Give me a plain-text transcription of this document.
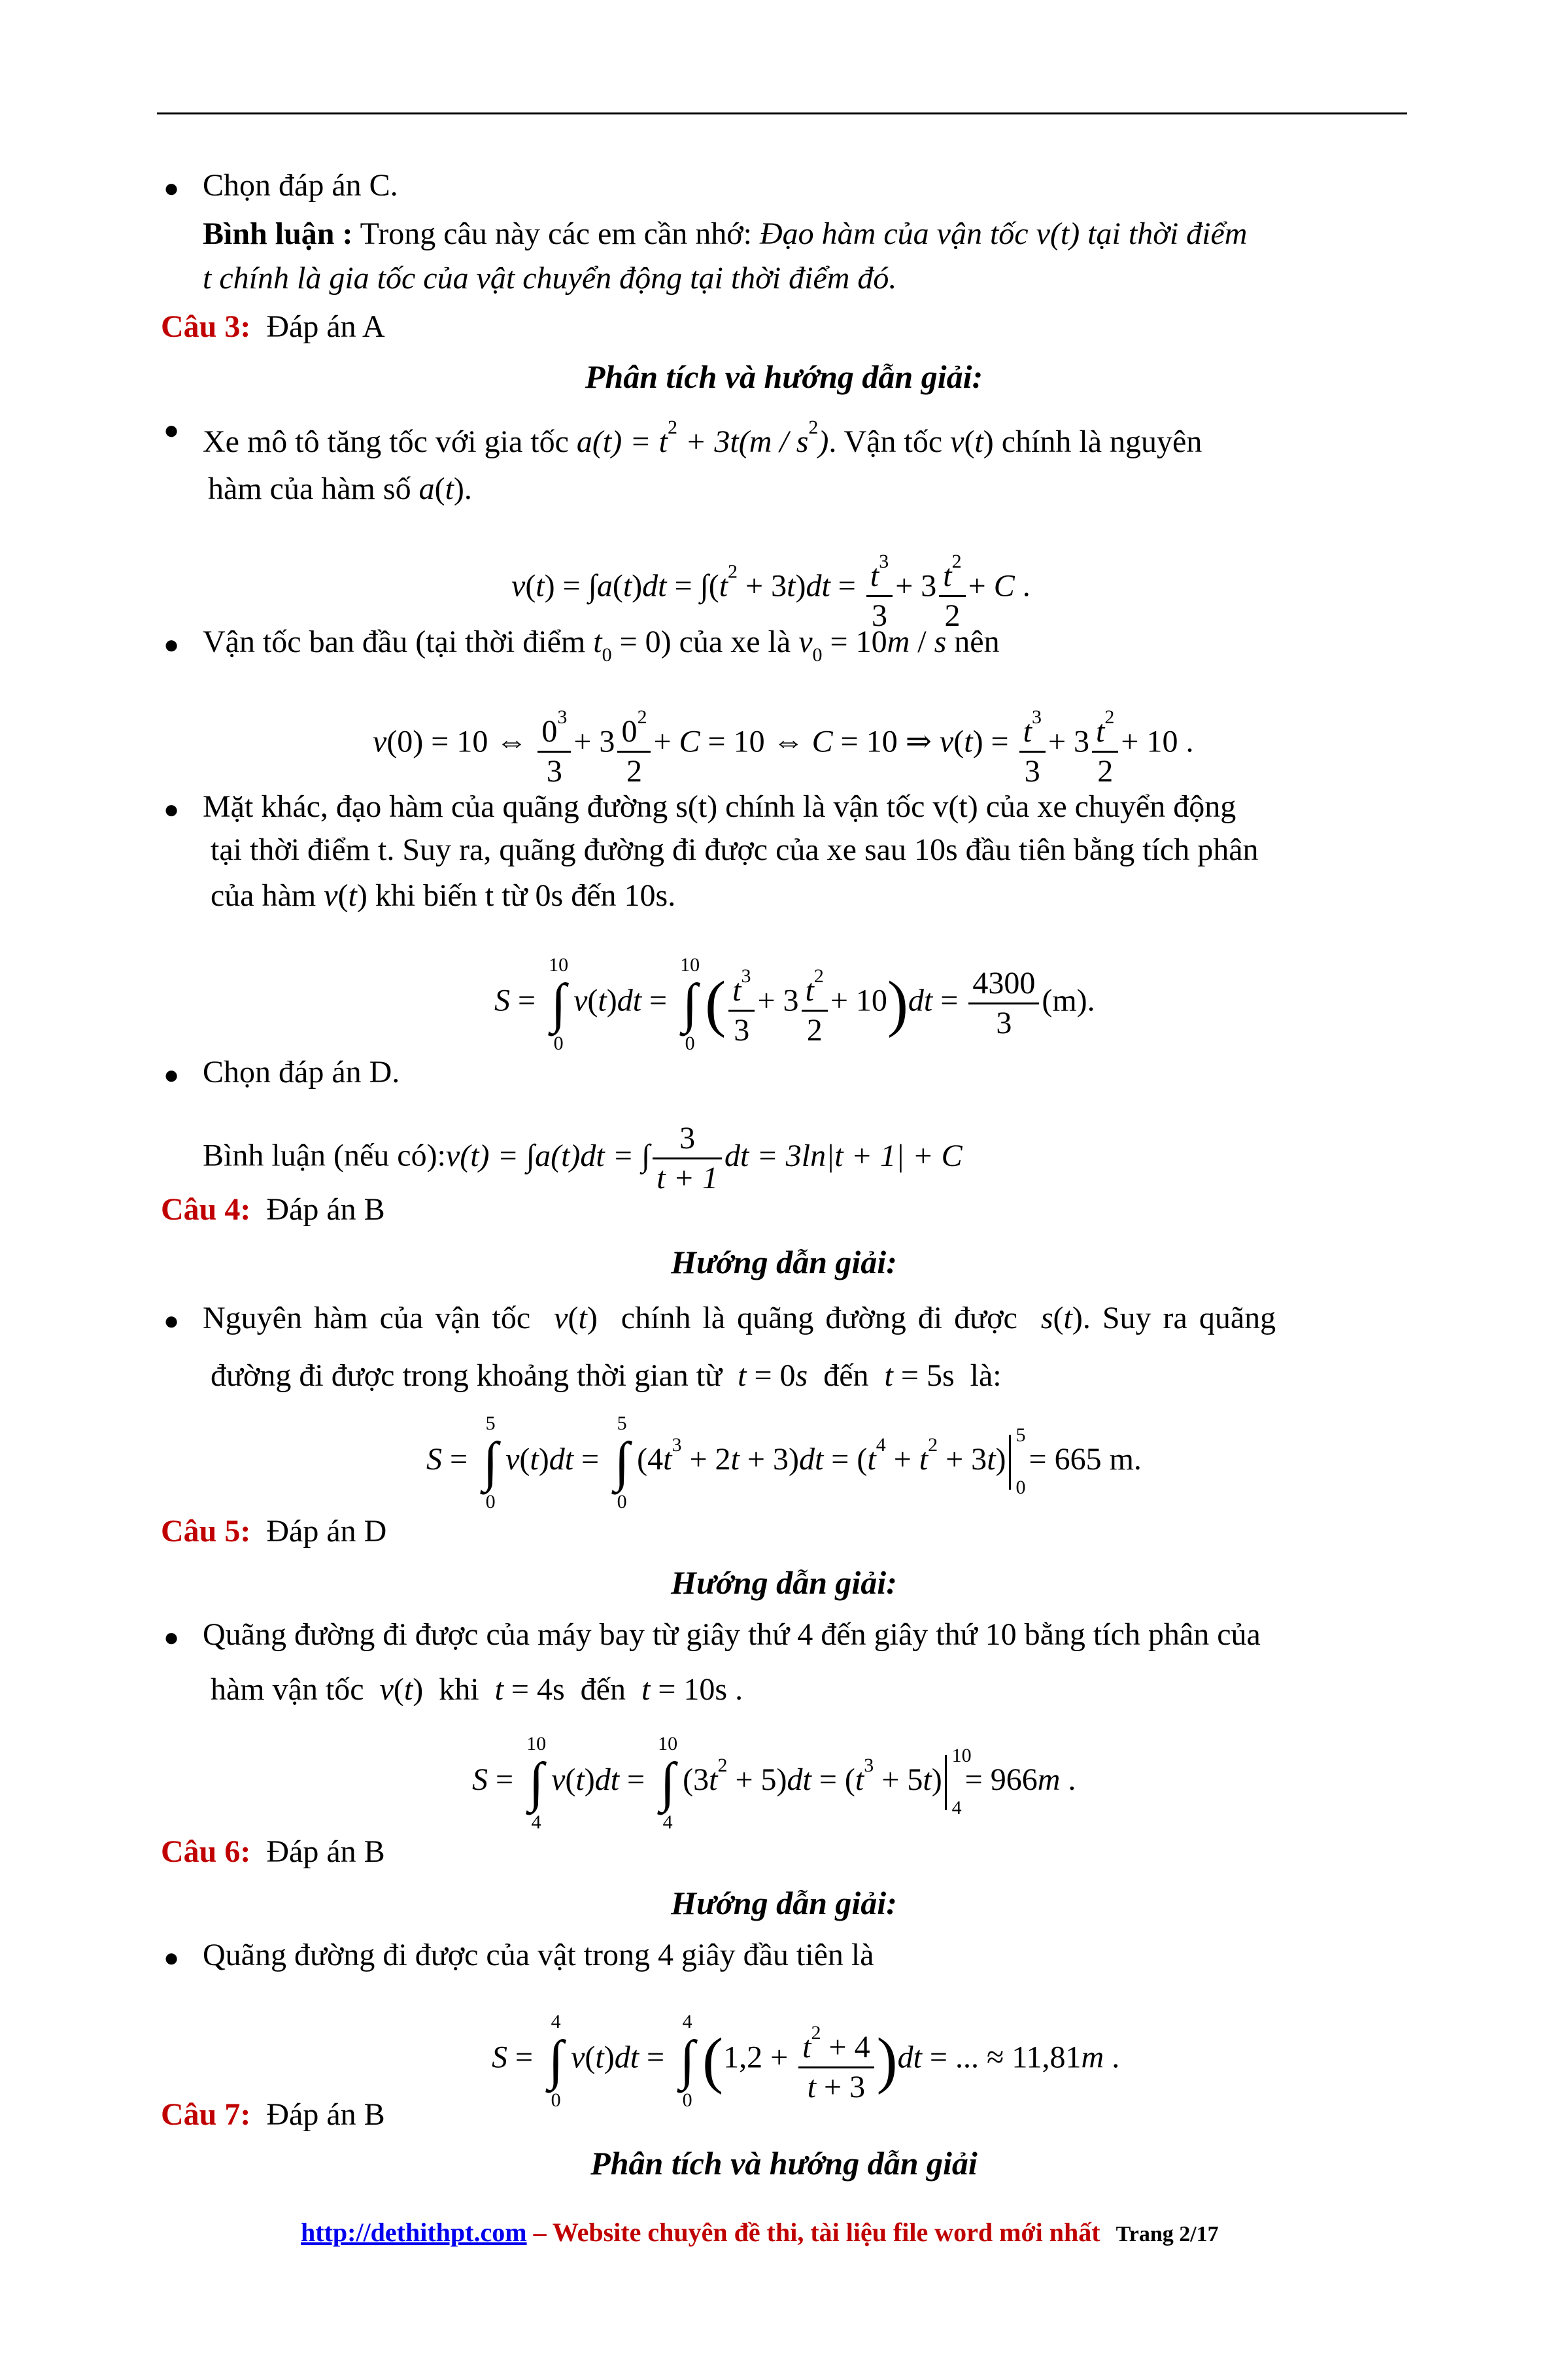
● Chọn đáp án C.
Bình luận : Trong câu này các em cần nhớ: Đạo hàm của vận tốc v(t) tại thời điểm
t chính là gia tốc của vật chuyển động tại thời điểm đó.
Câu 3: Đáp án A
Phân tích và hướng dẫn giải:
● Xe mô tô tăng tốc với gia tốc $a(t) = t^2 + 3t(m / s^2)$. Vận tốc v(t) chính là nguyên
hàm của hàm số a(t).
$v(t) = \int a(t)dt = \int(t^2 + 3t)dt = \frac{t^3}{3} + 3 \frac{t^2}{2} + C$ .
● Vận tốc ban đầu (tại thời điểm $t_0 = 0$) của xe là $v_0 = 10m / s$ nên
v(0) = 10 ⇔ $\frac{0^3}{3} + 3 \frac{0^2}{2} + C = 10$ ⇔ C = 10 ⇒ $v(t) = \frac{t^3}{3} + 3 \frac{t^2}{2} + 10$ .
● Mặt khác, đạo hàm của quãng đường s(t) chính là vận tốc v(t) của xe chuyển động
tại thời điểm t. Suy ra, quãng đường đi được của xe sau 10s đầu tiên bằng tích phân
của hàm v(t) khi biến t từ 0s đến 10s.
S =
10
∫
0
v(t)dt =
10
∫
0
( $\frac{t^3}{3} + 3 \frac{t^2}{2} + 10)dt = \frac{4300}{3} (m)$.
● Chọn đáp án D.
Bình luận (nếu có):v(t) = ∫a(t)dt = ∫ $\frac{3}{t + 1}$ dt = 3ln|t + 1| + C
Câu 4: Đáp án B
Hướng dẫn giải:
● Nguyên hàm của vận tốc v(t)  chính là quãng đường đi được s(t). Suy ra quãng
đường đi được trong khoảng thời gian từ t = 0s đến t = 5s  là:
S =
5
∫
0
v(t)dt =
5
∫
0
$(4t^3 + 2t + 3)dt = (t^4 + t^2 + 3t)$
5
0
= 665 m.
Câu 5: Đáp án D
Hướng dẫn giải:
● Quãng đường đi được của máy bay từ giây thứ 4 đến giây thứ 10 bằng tích phân của
hàm vận tốc v(t)  khi t = 4s  đến t = 10s .
S =
10
∫
4
v(t)dt =
10
∫
4
$(3t^2 + 5)dt = (t^3 + 5t)$
10
4
= 966m .
Câu 6: Đáp án B
Hướng dẫn giải:
● Quãng đường đi được của vật trong 4 giây đầu tiên là
S =
4
∫
0
v(t)dt =
4
∫
0
$(1,2 + \frac{t^2 + 4}{t + 3} )dt$ = ... ≈ 11,81m .
Câu 7: Đáp án B
Phân tích và hướng dẫn giải
http://dethithpt.com – Website chuyên đề thi, tài liệu file word mới nhất Trang 2/17
